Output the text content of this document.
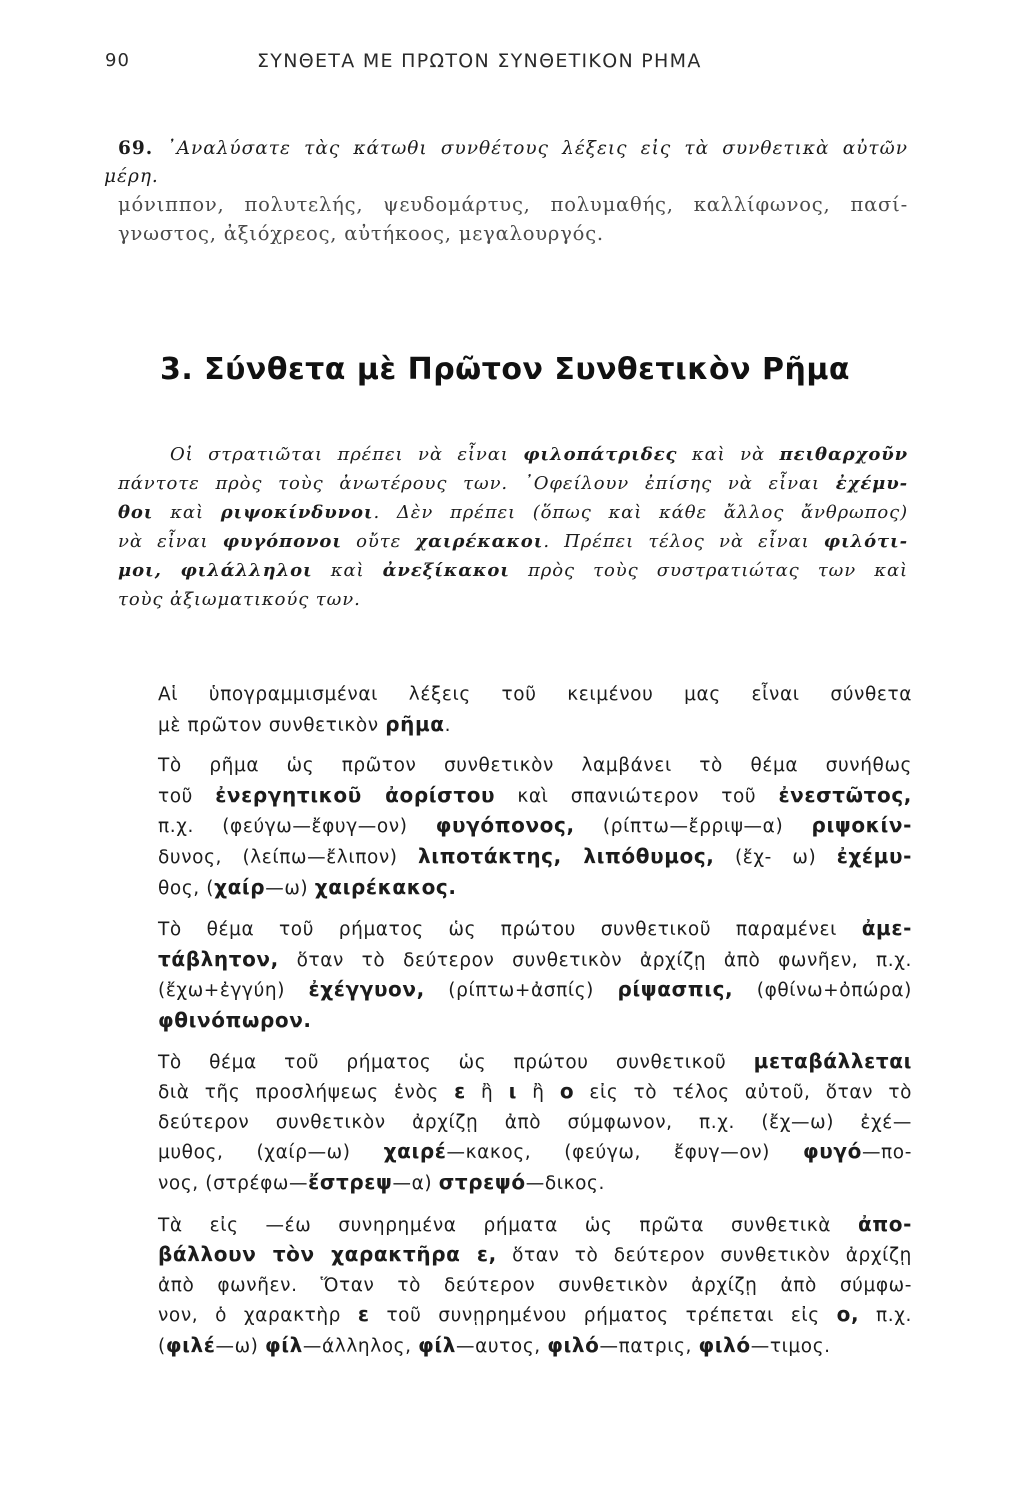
90	ΣΥΝΘΕΤΑ ΜΕ ΠΡΩΤΟΝ ΣΥΝΘΕΤΙΚΟΝ ΡΗΜΑ
69. ᾿Αναλύσατε τὰς κάτωθι συνθέτους λέξεις εἰς τὰ συνθετικὰ αὐτῶν
μέρη.
μόνιππον, πολυτελής, ψευδομάρτυς, πολυμαθής, καλλίφωνος, πασί-
γνωστος, ἀξιόχρεος, αὐτήκοος, μεγαλουργός.
3. Σύνθετα μὲ Πρῶτον Συνθετικὸν Ρῆμα
Οἱ στρατιῶται πρέπει νὰ εἶναι φιλοπάτριδες καὶ νὰ πειθαρχοῦν
πάντοτε πρὸς τοὺς ἀνωτέρους των. ᾿Οφείλουν ἐπίσης νὰ εἶναι ἐχέμυ-
θοι καὶ ριψοκίνδυνοι. Δὲν πρέπει (ὅπως καὶ κάθε ἄλλος ἄνθρωπος)
νὰ εἶναι φυγόπονοι οὔτε χαιρέκακοι. Πρέπει τέλος νὰ εἶναι φιλότι-
μοι, φιλάλληλοι καὶ ἀνεξίκακοι πρὸς τοὺς συστρατιώτας των καὶ
τοὺς ἀξιωματικούς των.

Αἱ ὑπογραμμισμέναι λέξεις τοῦ κειμένου μας εἶναι σύνθετα
μὲ πρῶτον συνθετικὸν ρῆμα.

Τὸ ρῆμα ὡς πρῶτον συνθετικὸν λαμβάνει τὸ θέμα συνήθως
τοῦ ἐνεργητικοῦ ἀορίστου καὶ σπανιώτερον τοῦ ἐνεστῶτος,
π.χ. (φεύγω—ἔφυγ—ον) φυγόπονος, (ρίπτω—ἔρριψ—α) ριψοκίν-
δυνος, (λείπω—ἔλιπον) λιποτάκτης, λιπόθυμος, (ἔχ- ω) ἐχέμυ-
θος, (χαίρ—ω) χαιρέκακος.

Τὸ θέμα τοῦ ρήματος ὡς πρώτου συνθετικοῦ παραμένει ἀμε-
τάβλητον, ὅταν τὸ δεύτερον συνθετικὸν ἀρχίζῃ ἀπὸ φωνῆεν, π.χ.
(ἔχω+ἐγγύη) ἐχέγγυον, (ρίπτω+ἀσπίς) ρίψασπις, (φθίνω+ὀπώρα)
φθινόπωρον.

Τὸ θέμα τοῦ ρήματος ὡς πρώτου συνθετικοῦ μεταβάλλεται
διὰ τῆς προσλήψεως ἑνὸς ε ἢ ι ἢ ο εἰς τὸ τέλος αὐτοῦ, ὅταν τὸ
δεύτερον συνθετικὸν ἀρχίζῃ ἀπὸ σύμφωνον, π.χ. (ἔχ—ω) ἐχέ—
μυθος, (χαίρ—ω) χαιρέ—κακος, (φεύγω, ἔφυγ—ον) φυγό—πο-
νος, (στρέφω—ἔστρεψ—α) στρεψό—δικος.

Τὰ εἰς —έω συνηρημένα ρήματα ὡς πρῶτα συνθετικὰ ἀπο-
βάλλουν τὸν χαρακτῆρα ε, ὅταν τὸ δεύτερον συνθετικὸν ἀρχίζῃ
ἀπὸ φωνῆεν. Ὅταν τὸ δεύτερον συνθετικὸν ἀρχίζῃ ἀπὸ σύμφω-
νον, ὁ χαρακτὴρ ε τοῦ συνῃρημένου ρήματος τρέπεται εἰς ο, π.χ.
(φιλέ—ω) φίλ—άλληλος, φίλ—αυτος, φιλό—πατρις, φιλό—τιμος.
